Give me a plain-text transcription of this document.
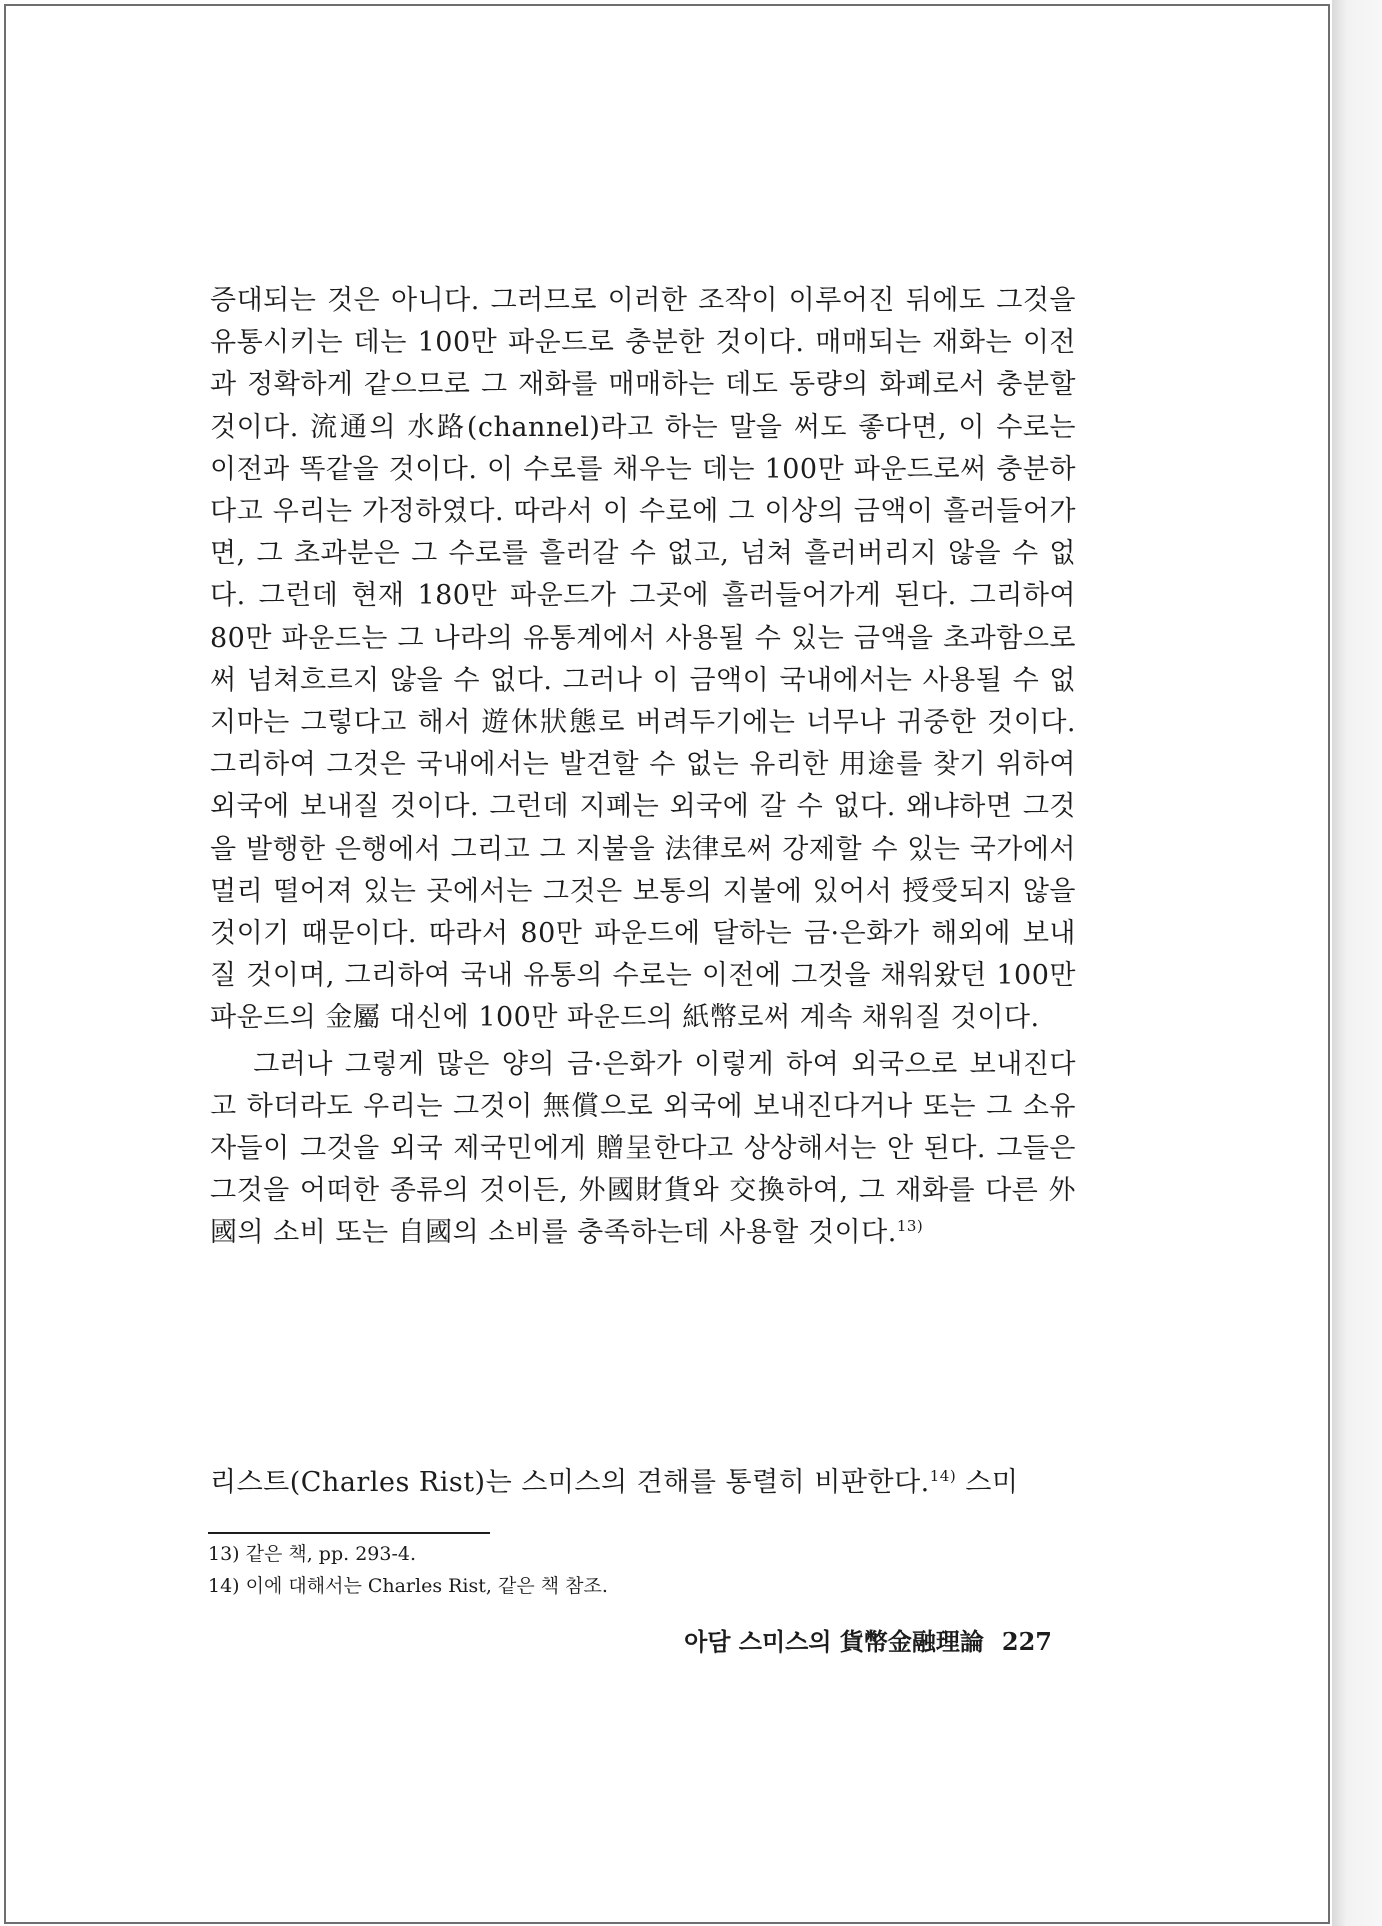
증대되는 것은 아니다. 그러므로 이러한 조작이 이루어진 뒤에도 그것을 유통시키는 데는 100만 파운드로 충분한 것이다. 매매되는 재화는 이전과 정확하게 같으므로 그 재화를 매매하는 데도 동량의 화폐로서 충분할 것이다. 流通의 水路(channel)라고 하는 말을 써도 좋다면, 이 수로는 이전과 똑같을 것이다. 이 수로를 채우는 데는 100만 파운드로써 충분하다고 우리는 가정하였다. 따라서 이 수로에 그 이상의 금액이 흘러들어가면, 그 초과분은 그 수로를 흘러갈 수 없고, 넘쳐 흘러버리지 않을 수 없다. 그런데 현재 180만 파운드가 그곳에 흘러들어가게 된다. 그리하여 80만 파운드는 그 나라의 유통계에서 사용될 수 있는 금액을 초과함으로써 넘쳐흐르지 않을 수 없다. 그러나 이 금액이 국내에서는 사용될 수 없지마는 그렇다고 해서 遊休狀態로 버려두기에는 너무나 귀중한 것이다. 그리하여 그것은 국내에서는 발견할 수 없는 유리한 用途를 찾기 위하여 외국에 보내질 것이다. 그런데 지폐는 외국에 갈 수 없다. 왜냐하면 그것을 발행한 은행에서 그리고 그 지불을 法律로써 강제할 수 있는 국가에서 멀리 떨어져 있는 곳에서는 그것은 보통의 지불에 있어서 授受되지 않을 것이기 때문이다. 따라서 80만 파운드에 달하는 금·은화가 해외에 보내질 것이며, 그리하여 국내 유통의 수로는 이전에 그것을 채워왔던 100만 파운드의 金屬 대신에 100만 파운드의 紙幣로써 계속 채워질 것이다.

그러나 그렇게 많은 양의 금·은화가 이렇게 하여 외국으로 보내진다고 하더라도 우리는 그것이 無償으로 외국에 보내진다거나 또는 그 소유자들이 그것을 외국 제국민에게 贈呈한다고 상상해서는 안 된다. 그들은 그것을 어떠한 종류의 것이든, 外國財貨와 交換하여, 그 재화를 다른 外國의 소비 또는 自國의 소비를 충족하는데 사용할 것이다.$^{13)}$

리스트(Charles Rist)는 스미스의 견해를 통렬히 비판한다.$^{14)}$ 스미
13) 같은 책, pp. 293-4.
14) 이에 대해서는 Charles Rist, 같은 책 참조.
아담 스미스의 貨幣金融理論 227
